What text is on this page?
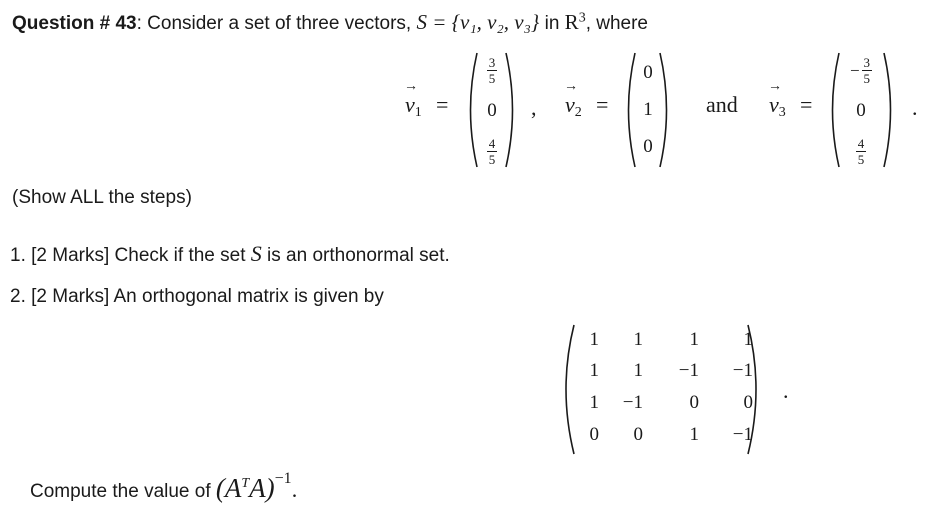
Question # 43: Consider a set of three vectors, S = {v₁, v₂, v₃} in $R^3$, where
→ $v_1$ =
$\frac{3}{5}$
0
$\frac{4}{5}$
, → $v_2$ =
0
1
0
and → $v_3$ =
− $\frac{3}{5}$
0
$\frac{4}{5}$
.
(Show ALL the steps)
1. [2 Marks] Check if the set S is an orthonormal set.
2. [2 Marks] An orthogonal matrix is given by
1	1	1	1
1	1	−1	−1
1	−1	0	0
0	0	1	−1
.
Compute the value of $(A^TA)^{-1}$.
